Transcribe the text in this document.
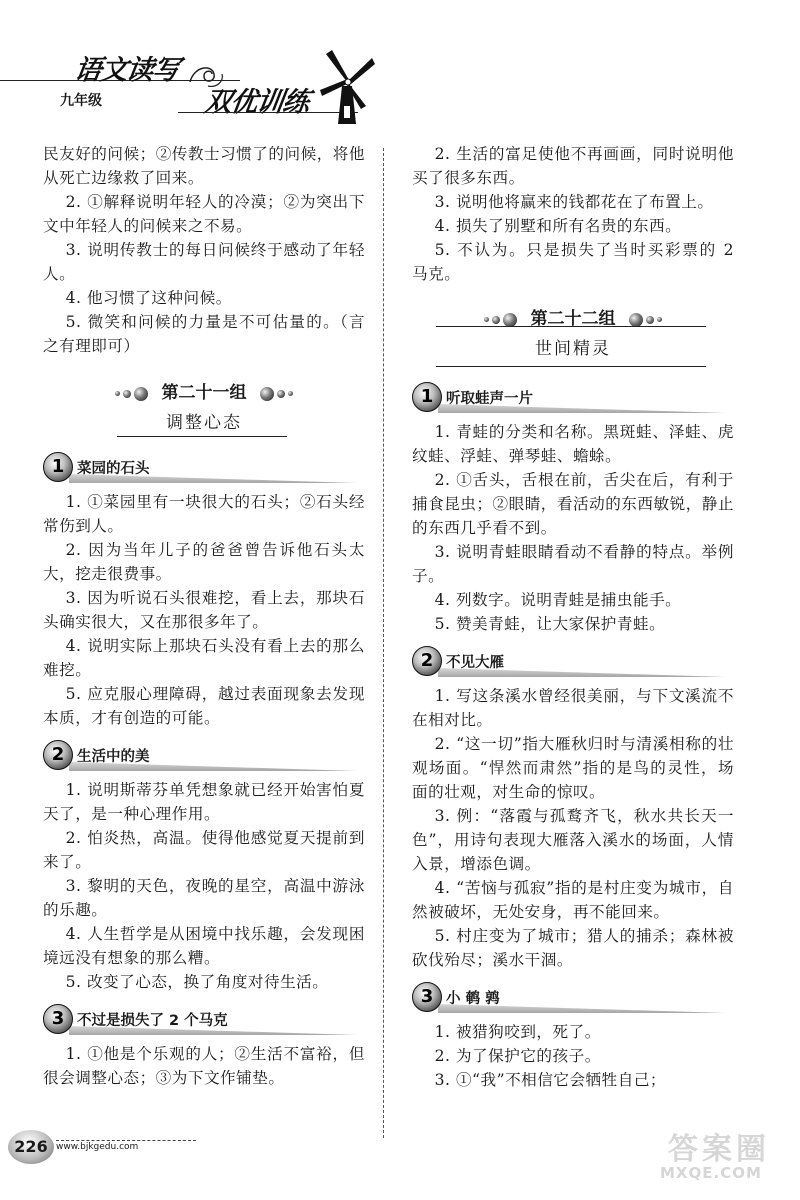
语文读写
双优训练
九年级

民友好的问候；②传教士习惯了的问候，将他从死亡边缘救了回来。

2. ①解释说明年轻人的冷漠；②为突出下文中年轻人的问候来之不易。

3. 说明传教士的每日问候终于感动了年轻人。

4. 他习惯了这种问候。

5. 微笑和问候的力量是不可估量的。（言之有理即可）

第二十一组
调整心态
1 菜园的石头

1. ①菜园里有一块很大的石头；②石头经常伤到人。

2. 因为当年儿子的爸爸曾告诉他石头太大，挖走很费事。

3. 因为听说石头很难挖，看上去，那块石头确实很大，又在那很多年了。

4. 说明实际上那块石头没有看上去的那么难挖。

5. 应克服心理障碍，越过表面现象去发现本质，才有创造的可能。

2 生活中的美

1. 说明斯蒂芬单凭想象就已经开始害怕夏天了，是一种心理作用。

2. 怕炎热，高温。使得他感觉夏天提前到来了。

3. 黎明的天色，夜晚的星空，高温中游泳的乐趣。

4. 人生哲学是从困境中找乐趣，会发现困境远没有想象的那么糟。

5. 改变了心态，换了角度对待生活。

3 不过是损失了 2 个马克

1. ①他是个乐观的人；②生活不富裕，但很会调整心态；③为下文作铺垫。

2. 生活的富足使他不再画画，同时说明他买了很多东西。

3. 说明他将赢来的钱都花在了布置上。

4. 损失了别墅和所有名贵的东西。

5. 不认为。只是损失了当时买彩票的 2 马克。

第二十二组
世间精灵
1 听取蛙声一片

1. 青蛙的分类和名称。黑斑蛙、泽蛙、虎纹蛙、浮蛙、弹琴蛙、蟾蜍。

2. ①舌头，舌根在前，舌尖在后，有利于捕食昆虫；②眼睛，看活动的东西敏锐，静止的东西几乎看不到。

3. 说明青蛙眼睛看动不看静的特点。举例子。

4. 列数字。说明青蛙是捕虫能手。

5. 赞美青蛙，让大家保护青蛙。

2 不见大雁

1. 写这条溪水曾经很美丽，与下文溪流不在相对比。

2. “这一切”指大雁秋归时与清溪相称的壮观场面。“悍然而肃然”指的是鸟的灵性，场面的壮观，对生命的惊叹。

3. 例：“落霞与孤鹜齐飞，秋水共长天一色”，用诗句表现大雁落入溪水的场面，人情入景，增添色调。

4. “苦恼与孤寂”指的是村庄变为城市，自然被破坏，无处安身，再不能回来。

5. 村庄变为了城市；猎人的捕杀；森林被砍伐殆尽；溪水干涸。

3 小 鹌 鹑

1. 被猎狗咬到，死了。

2. 为了保护它的孩子。

3. ①“我”不相信它会牺牲自己；

226 www.bjkgedu.com	答案圈
MXQE.COM
